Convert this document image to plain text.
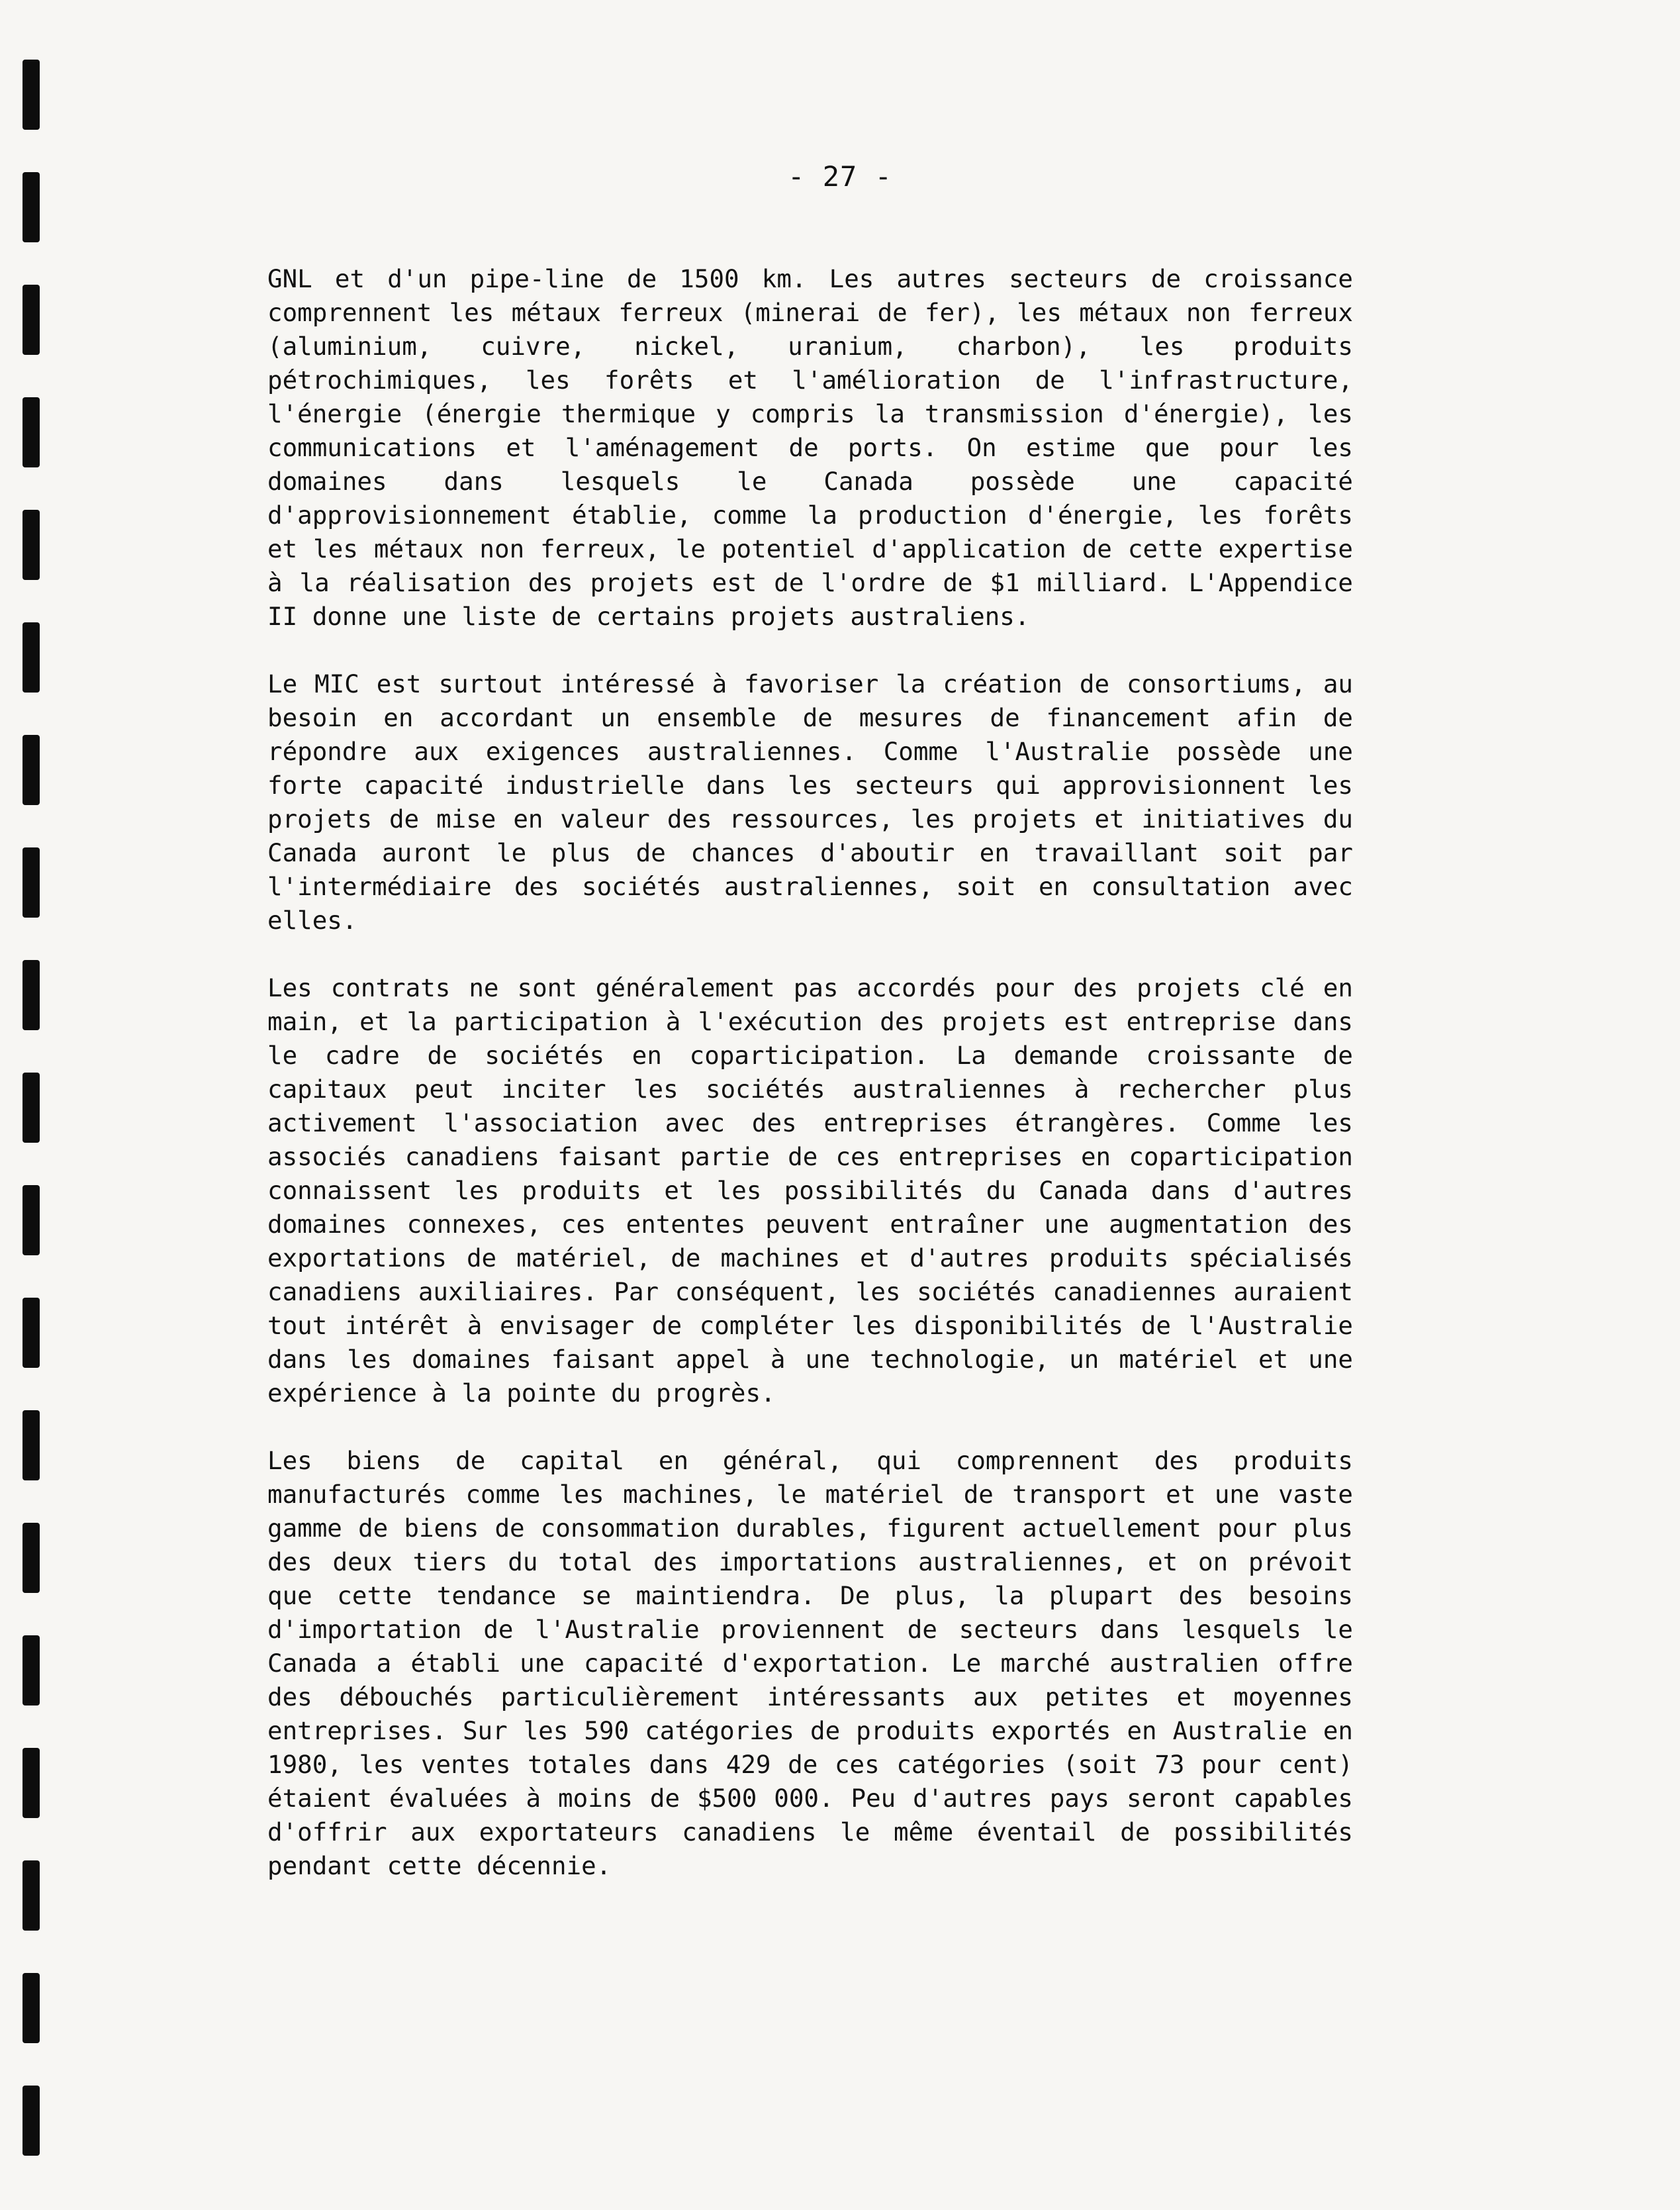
- 27 -

GNL et d'un pipe-line de 1500 km. Les autres secteurs de croissance comprennent les métaux ferreux (minerai de fer), les métaux non ferreux (aluminium, cuivre, nickel, uranium, charbon), les produits pétrochimiques, les forêts et l'amélioration de l'infrastructure, l'énergie (énergie thermique y compris la transmission d'énergie), les communications et l'aménagement de ports. On estime que pour les domaines dans lesquels le Canada possède une capacité d'approvisionnement établie, comme la production d'énergie, les forêts et les métaux non ferreux, le potentiel d'application de cette expertise à la réalisation des projets est de l'ordre de $1 milliard. L'Appendice II donne une liste de certains projets australiens.

Le MIC est surtout intéressé à favoriser la création de consortiums, au besoin en accordant un ensemble de mesures de financement afin de répondre aux exigences australiennes. Comme l'Australie possède une forte capacité industrielle dans les secteurs qui approvisionnent les projets de mise en valeur des ressources, les projets et initiatives du Canada auront le plus de chances d'aboutir en travaillant soit par l'intermédiaire des sociétés australiennes, soit en consultation avec elles.

Les contrats ne sont généralement pas accordés pour des projets clé en main, et la participation à l'exécution des projets est entreprise dans le cadre de sociétés en coparticipation. La demande croissante de capitaux peut inciter les sociétés australiennes à rechercher plus activement l'association avec des entreprises étrangères. Comme les associés canadiens faisant partie de ces entreprises en coparticipation connaissent les produits et les possibilités du Canada dans d'autres domaines connexes, ces ententes peuvent entraîner une augmentation des exportations de matériel, de machines et d'autres produits spécialisés canadiens auxiliaires. Par conséquent, les sociétés canadiennes auraient tout intérêt à envisager de compléter les disponibilités de l'Australie dans les domaines faisant appel à une technologie, un matériel et une expérience à la pointe du progrès.

Les biens de capital en général, qui comprennent des produits manufacturés comme les machines, le matériel de transport et une vaste gamme de biens de consommation durables, figurent actuellement pour plus des deux tiers du total des importations australiennes, et on prévoit que cette tendance se maintiendra. De plus, la plupart des besoins d'importation de l'Australie proviennent de secteurs dans lesquels le Canada a établi une capacité d'exportation. Le marché australien offre des débouchés particulièrement intéressants aux petites et moyennes entreprises. Sur les 590 catégories de produits exportés en Australie en 1980, les ventes totales dans 429 de ces catégories (soit 73 pour cent) étaient évaluées à moins de $500 000. Peu d'autres pays seront capables d'offrir aux exportateurs canadiens le même éventail de possibilités pendant cette décennie.
